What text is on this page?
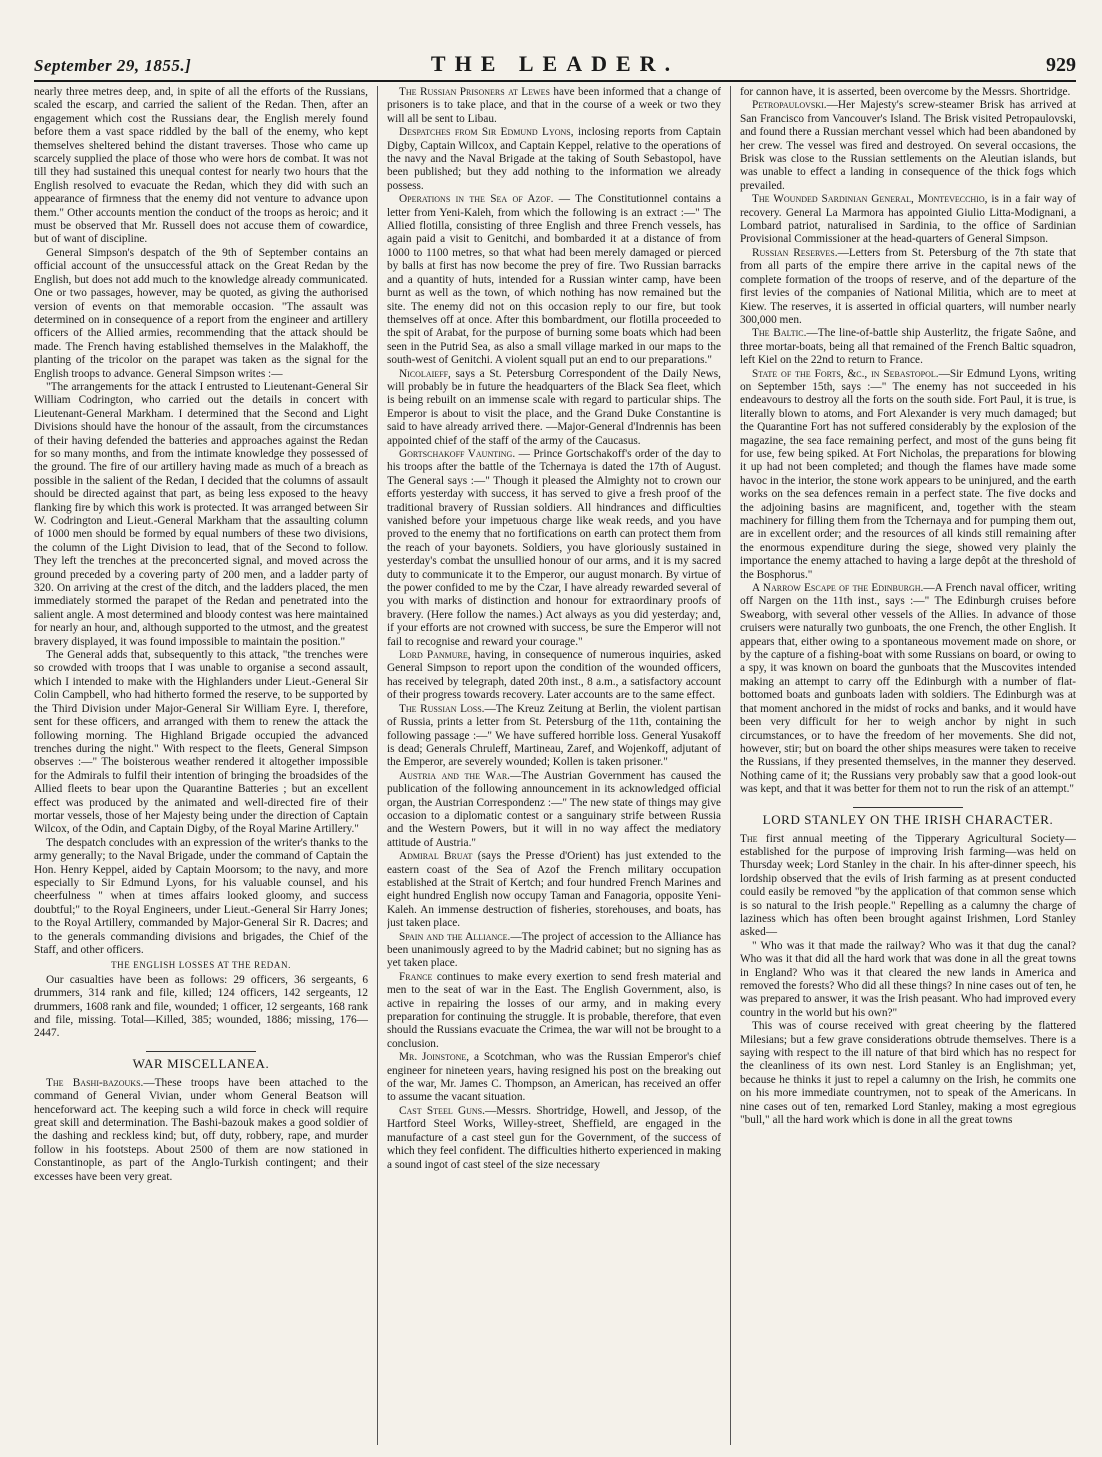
September 29, 1855.]	THE LEADER.	929

nearly three metres deep, and, in spite of all the efforts of the Russians, scaled the escarp, and carried the salient of the Redan. Then, after an engagement which cost the Russians dear, the English merely found before them a vast space riddled by the ball of the enemy, who kept themselves sheltered behind the distant traverses. Those who came up scarcely supplied the place of those who were hors de combat. It was not till they had sustained this unequal contest for nearly two hours that the English resolved to evacuate the Redan, which they did with such an appearance of firmness that the enemy did not venture to advance upon them." Other accounts mention the conduct of the troops as heroic; and it must be observed that Mr. Russell does not accuse them of cowardice, but of want of discipline.

General Simpson's despatch of the 9th of September contains an official account of the unsuccessful attack on the Great Redan by the English, but does not add much to the knowledge already communicated. One or two passages, however, may be quoted, as giving the authorised version of events on that memorable occasion. "The assault was determined on in consequence of a report from the engineer and artillery officers of the Allied armies, recommending that the attack should be made. The French having established themselves in the Malakhoff, the planting of the tricolor on the parapet was taken as the signal for the English troops to advance. General Simpson writes :—

"The arrangements for the attack I entrusted to Lieutenant-General Sir William Codrington, who carried out the details in concert with Lieutenant-General Markham. I determined that the Second and Light Divisions should have the honour of the assault, from the circumstances of their having defended the batteries and approaches against the Redan for so many months, and from the intimate knowledge they possessed of the ground. The fire of our artillery having made as much of a breach as possible in the salient of the Redan, I decided that the columns of assault should be directed against that part, as being less exposed to the heavy flanking fire by which this work is protected. It was arranged between Sir W. Codrington and Lieut.-General Markham that the assaulting column of 1000 men should be formed by equal numbers of these two divisions, the column of the Light Division to lead, that of the Second to follow. They left the trenches at the preconcerted signal, and moved across the ground preceded by a covering party of 200 men, and a ladder party of 320. On arriving at the crest of the ditch, and the ladders placed, the men immediately stormed the parapet of the Redan and penetrated into the salient angle. A most determined and bloody contest was here maintained for nearly an hour, and, although supported to the utmost, and the greatest bravery displayed, it was found impossible to maintain the position."

The General adds that, subsequently to this attack, "the trenches were so crowded with troops that I was unable to organise a second assault, which I intended to make with the Highlanders under Lieut.-General Sir Colin Campbell, who had hitherto formed the reserve, to be supported by the Third Division under Major-General Sir William Eyre. I, therefore, sent for these officers, and arranged with them to renew the attack the following morning. The Highland Brigade occupied the advanced trenches during the night." With respect to the fleets, General Simpson observes :—" The boisterous weather rendered it altogether impossible for the Admirals to fulfil their intention of bringing the broadsides of the Allied fleets to bear upon the Quarantine Batteries ; but an excellent effect was produced by the animated and well-directed fire of their mortar vessels, those of her Majesty being under the direction of Captain Wilcox, of the Odin, and Captain Digby, of the Royal Marine Artillery."

The despatch concludes with an expression of the writer's thanks to the army generally; to the Naval Brigade, under the command of Captain the Hon. Henry Keppel, aided by Captain Moorsom; to the navy, and more especially to Sir Edmund Lyons, for his valuable counsel, and his cheerfulness " when at times affairs looked gloomy, and success doubtful;" to the Royal Engineers, under Lieut.-General Sir Harry Jones; to the Royal Artillery, commanded by Major-General Sir R. Dacres; and to the generals commanding divisions and brigades, the Chief of the Staff, and other officers.

THE ENGLISH LOSSES AT THE REDAN.

Our casualties have been as follows: 29 officers, 36 sergeants, 6 drummers, 314 rank and file, killed; 124 officers, 142 sergeants, 12 drummers, 1608 rank and file, wounded; 1 officer, 12 sergeants, 168 rank and file, missing. Total—Killed, 385; wounded, 1886; missing, 176—2447.

WAR MISCELLANEA.

The Bashi-bazouks.—These troops have been attached to the command of General Vivian, under whom General Beatson will henceforward act. The keeping such a wild force in check will require great skill and determination. The Bashi-bazouk makes a good soldier of the dashing and reckless kind; but, off duty, robbery, rape, and murder follow in his footsteps. About 2500 of them are now stationed in Constantinople, as part of the Anglo-Turkish contingent; and their excesses have been very great.

The Russian Prisoners at Lewes have been informed that a change of prisoners is to take place, and that in the course of a week or two they will all be sent to Libau.

Despatches from Sir Edmund Lyons, inclosing reports from Captain Digby, Captain Willcox, and Captain Keppel, relative to the operations of the navy and the Naval Brigade at the taking of South Sebastopol, have been published; but they add nothing to the information we already possess.

Operations in the Sea of Azof. — The Constitutionnel contains a letter from Yeni-Kaleh, from which the following is an extract :—" The Allied flotilla, consisting of three English and three French vessels, has again paid a visit to Genitchi, and bombarded it at a distance of from 1000 to 1100 metres, so that what had been merely damaged or pierced by balls at first has now become the prey of fire. Two Russian barracks and a quantity of huts, intended for a Russian winter camp, have been burnt as well as the town, of which nothing has now remained but the site. The enemy did not on this occasion reply to our fire, but took themselves off at once. After this bombardment, our flotilla proceeded to the spit of Arabat, for the purpose of burning some boats which had been seen in the Putrid Sea, as also a small village marked in our maps to the south-west of Genitchi. A violent squall put an end to our preparations."

Nicolaieff, says a St. Petersburg Correspondent of the Daily News, will probably be in future the headquarters of the Black Sea fleet, which is being rebuilt on an immense scale with regard to particular ships. The Emperor is about to visit the place, and the Grand Duke Constantine is said to have already arrived there. —Major-General d'Indrennis has been appointed chief of the staff of the army of the Caucasus.

Gortschakoff Vaunting. — Prince Gortschakoff's order of the day to his troops after the battle of the Tchernaya is dated the 17th of August. The General says :—" Though it pleased the Almighty not to crown our efforts yesterday with success, it has served to give a fresh proof of the traditional bravery of Russian soldiers. All hindrances and difficulties vanished before your impetuous charge like weak reeds, and you have proved to the enemy that no fortifications on earth can protect them from the reach of your bayonets. Soldiers, you have gloriously sustained in yesterday's combat the unsullied honour of our arms, and it is my sacred duty to communicate it to the Emperor, our august monarch. By virtue of the power confided to me by the Czar, I have already rewarded several of you with marks of distinction and honour for extraordinary proofs of bravery. (Here follow the names.) Act always as you did yesterday; and, if your efforts are not crowned with success, be sure the Emperor will not fail to recognise and reward your courage."

Lord Panmure, having, in consequence of numerous inquiries, asked General Simpson to report upon the condition of the wounded officers, has received by telegraph, dated 20th inst., 8 a.m., a satisfactory account of their progress towards recovery. Later accounts are to the same effect.

The Russian Loss.—The Kreuz Zeitung at Berlin, the violent partisan of Russia, prints a letter from St. Petersburg of the 11th, containing the following passage :—" We have suffered horrible loss. General Yusakoff is dead; Generals Chruleff, Martineau, Zaref, and Wojenkoff, adjutant of the Emperor, are severely wounded; Kollen is taken prisoner."

Austria and the War.—The Austrian Government has caused the publication of the following announcement in its acknowledged official organ, the Austrian Correspondenz :—" The new state of things may give occasion to a diplomatic contest or a sanguinary strife between Russia and the Western Powers, but it will in no way affect the mediatory attitude of Austria."

Admiral Bruat (says the Presse d'Orient) has just extended to the eastern coast of the Sea of Azof the French military occupation established at the Strait of Kertch; and four hundred French Marines and eight hundred English now occupy Taman and Fanagoria, opposite Yeni-Kaleh. An immense destruction of fisheries, storehouses, and boats, has just taken place.

Spain and the Alliance.—The project of accession to the Alliance has been unanimously agreed to by the Madrid cabinet; but no signing has as yet taken place.

France continues to make every exertion to send fresh material and men to the seat of war in the East. The English Government, also, is active in repairing the losses of our army, and in making every preparation for continuing the struggle. It is probable, therefore, that even should the Russians evacuate the Crimea, the war will not be brought to a conclusion.

Mr. Joinstone, a Scotchman, who was the Russian Emperor's chief engineer for nineteen years, having resigned his post on the breaking out of the war, Mr. James C. Thompson, an American, has received an offer to assume the vacant situation.

Cast Steel Guns.—Messrs. Shortridge, Howell, and Jessop, of the Hartford Steel Works, Willey-street, Sheffield, are engaged in the manufacture of a cast steel gun for the Government, of the success of which they feel confident. The difficulties hitherto experienced in making a sound ingot of cast steel of the size necessary

for cannon have, it is asserted, been overcome by the Messrs. Shortridge.

Petropaulovski.—Her Majesty's screw-steamer Brisk has arrived at San Francisco from Vancouver's Island. The Brisk visited Petropaulovski, and found there a Russian merchant vessel which had been abandoned by her crew. The vessel was fired and destroyed. On several occasions, the Brisk was close to the Russian settlements on the Aleutian islands, but was unable to effect a landing in consequence of the thick fogs which prevailed.

The Wounded Sardinian General, Montevecchio, is in a fair way of recovery. General La Marmora has appointed Giulio Litta-Modignani, a Lombard patriot, naturalised in Sardinia, to the office of Sardinian Provisional Commissioner at the head-quarters of General Simpson.

Russian Reserves.—Letters from St. Petersburg of the 7th state that from all parts of the empire there arrive in the capital news of the complete formation of the troops of reserve, and of the departure of the first levies of the companies of National Militia, which are to meet at Kiew. The reserves, it is asserted in official quarters, will number nearly 300,000 men.

The Baltic.—The line-of-battle ship Austerlitz, the frigate Saône, and three mortar-boats, being all that remained of the French Baltic squadron, left Kiel on the 22nd to return to France.

State of the Forts, &c., in Sebastopol.—Sir Edmund Lyons, writing on September 15th, says :—" The enemy has not succeeded in his endeavours to destroy all the forts on the south side. Fort Paul, it is true, is literally blown to atoms, and Fort Alexander is very much damaged; but the Quarantine Fort has not suffered considerably by the explosion of the magazine, the sea face remaining perfect, and most of the guns being fit for use, few being spiked. At Fort Nicholas, the preparations for blowing it up had not been completed; and though the flames have made some havoc in the interior, the stone work appears to be uninjured, and the earth works on the sea defences remain in a perfect state. The five docks and the adjoining basins are magnificent, and, together with the steam machinery for filling them from the Tchernaya and for pumping them out, are in excellent order; and the resources of all kinds still remaining after the enormous expenditure during the siege, showed very plainly the importance the enemy attached to having a large depôt at the threshold of the Bosphorus."

A Narrow Escape of the Edinburgh.—A French naval officer, writing off Nargen on the 11th inst., says :—" The Edinburgh cruises before Sweaborg, with several other vessels of the Allies. In advance of those cruisers were naturally two gunboats, the one French, the other English. It appears that, either owing to a spontaneous movement made on shore, or by the capture of a fishing-boat with some Russians on board, or owing to a spy, it was known on board the gunboats that the Muscovites intended making an attempt to carry off the Edinburgh with a number of flat-bottomed boats and gunboats laden with soldiers. The Edinburgh was at that moment anchored in the midst of rocks and banks, and it would have been very difficult for her to weigh anchor by night in such circumstances, or to have the freedom of her movements. She did not, however, stir; but on board the other ships measures were taken to receive the Russians, if they presented themselves, in the manner they deserved. Nothing came of it; the Russians very probably saw that a good look-out was kept, and that it was better for them not to run the risk of an attempt."

LORD STANLEY ON THE IRISH CHARACTER.

The first annual meeting of the Tipperary Agricultural Society—established for the purpose of improving Irish farming—was held on Thursday week; Lord Stanley in the chair. In his after-dinner speech, his lordship observed that the evils of Irish farming as at present conducted could easily be removed "by the application of that common sense which is so natural to the Irish people." Repelling as a calumny the charge of laziness which has often been brought against Irishmen, Lord Stanley asked—

" Who was it that made the railway? Who was it that dug the canal? Who was it that did all the hard work that was done in all the great towns in England? Who was it that cleared the new lands in America and removed the forests? Who did all these things? In nine cases out of ten, he was prepared to answer, it was the Irish peasant. Who had improved every country in the world but his own?"

This was of course received with great cheering by the flattered Milesians; but a few grave considerations obtrude themselves. There is a saying with respect to the ill nature of that bird which has no respect for the cleanliness of its own nest. Lord Stanley is an Englishman; yet, because he thinks it just to repel a calumny on the Irish, he commits one on his more immediate countrymen, not to speak of the Americans. In nine cases out of ten, remarked Lord Stanley, making a most egregious "bull," all the hard work which is done in all the great towns
